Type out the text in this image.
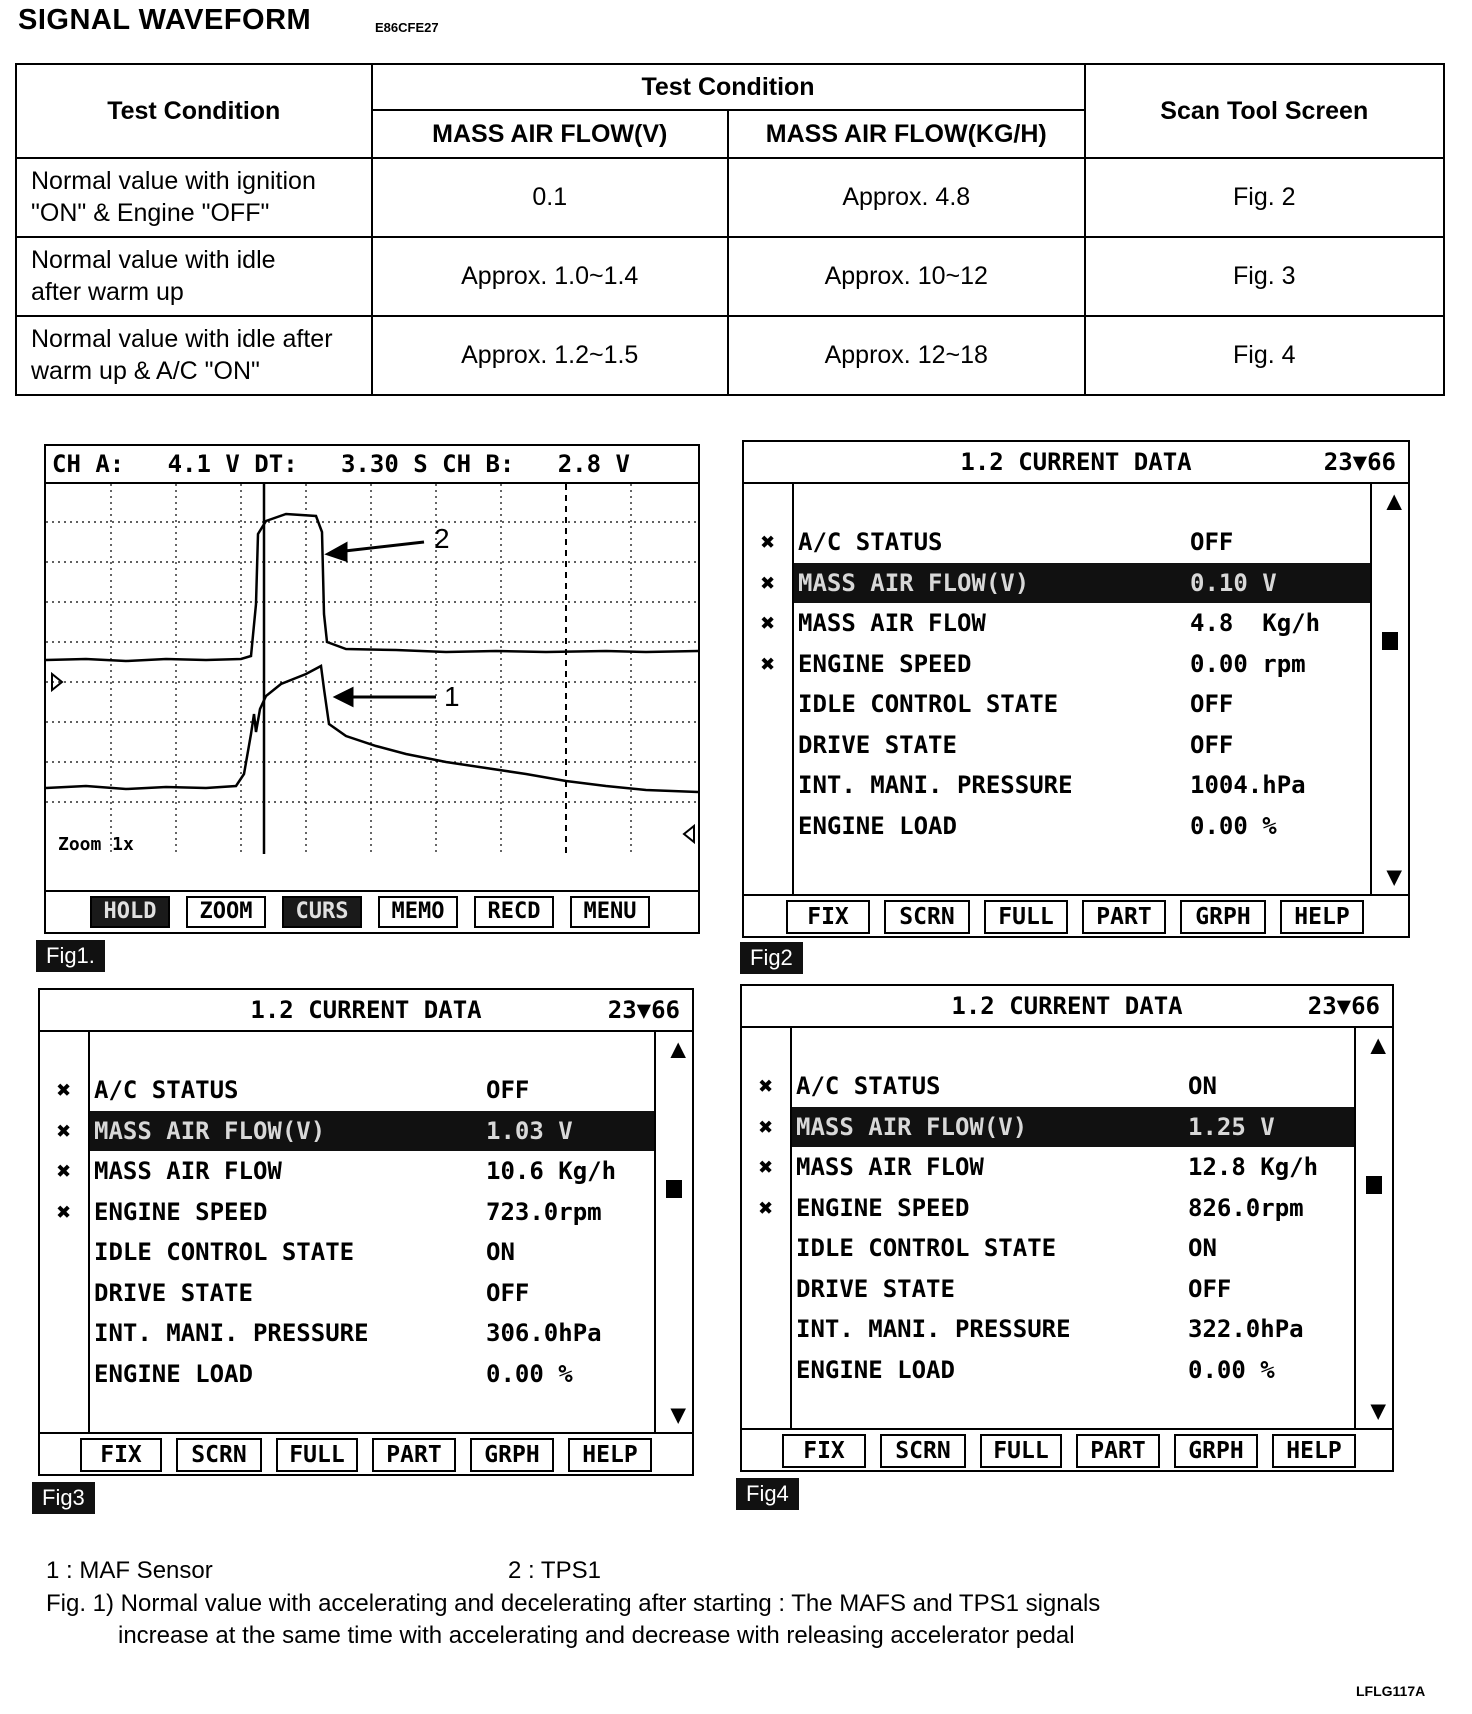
SIGNAL WAVEFORM	E86CFE27
Test Condition	Test Condition		Scan Tool Screen
	MASS AIR FLOW(V)	MASS AIR FLOW(KG/H)	
Normal value with ignition
"ON" & Engine "OFF"	0.1	Approx. 4.8	Fig. 2
Normal value with idle
after warm up	Approx. 1.0~1.4	Approx. 10~12	Fig. 3
Normal value with idle after
warm up & A/C "ON"	Approx. 1.2~1.5	Approx. 12~18	Fig. 4
CH A:   4.1 V DT:   3.30 S CH B:   2.8 V
2
1
Zoom 1x
HOLD	ZOOM	CURS	MEMO	RECD	MENU
Fig1.
1.2 CURRENT DATA	23▼66
▲
▼
✖ A/C STATUS	OFF
✖ MASS AIR FLOW(V)	0.10 V
✖ MASS AIR FLOW	4.8  Kg/h
✖ ENGINE SPEED	0.00 rpm
IDLE CONTROL STATE	OFF
DRIVE STATE	OFF
INT. MANI. PRESSURE	1004.hPa
ENGINE LOAD	0.00 %
FIX	SCRN	FULL	PART	GRPH	HELP
Fig2
1.2 CURRENT DATA	23▼66
▲
▼
✖ A/C STATUS	OFF
✖ MASS AIR FLOW(V)	1.03 V
✖ MASS AIR FLOW	10.6 Kg/h
✖ ENGINE SPEED	723.0rpm
IDLE CONTROL STATE	ON
DRIVE STATE	OFF
INT. MANI. PRESSURE	306.0hPa
ENGINE LOAD	0.00 %
FIX	SCRN	FULL	PART	GRPH	HELP
Fig3
1.2 CURRENT DATA	23▼66
▲
▼
✖ A/C STATUS	ON
✖ MASS AIR FLOW(V)	1.25 V
✖ MASS AIR FLOW	12.8 Kg/h
✖ ENGINE SPEED	826.0rpm
IDLE CONTROL STATE	ON
DRIVE STATE	OFF
INT. MANI. PRESSURE	322.0hPa
ENGINE LOAD	0.00 %
FIX	SCRN	FULL	PART	GRPH	HELP
Fig4
1 : MAF Sensor	2 : TPS1
Fig. 1) Normal value with accelerating and decelerating after starting : The MAFS and TPS1 signals
increase at the same time with accelerating and decrease with releasing accelerator pedal
LFLG117A
